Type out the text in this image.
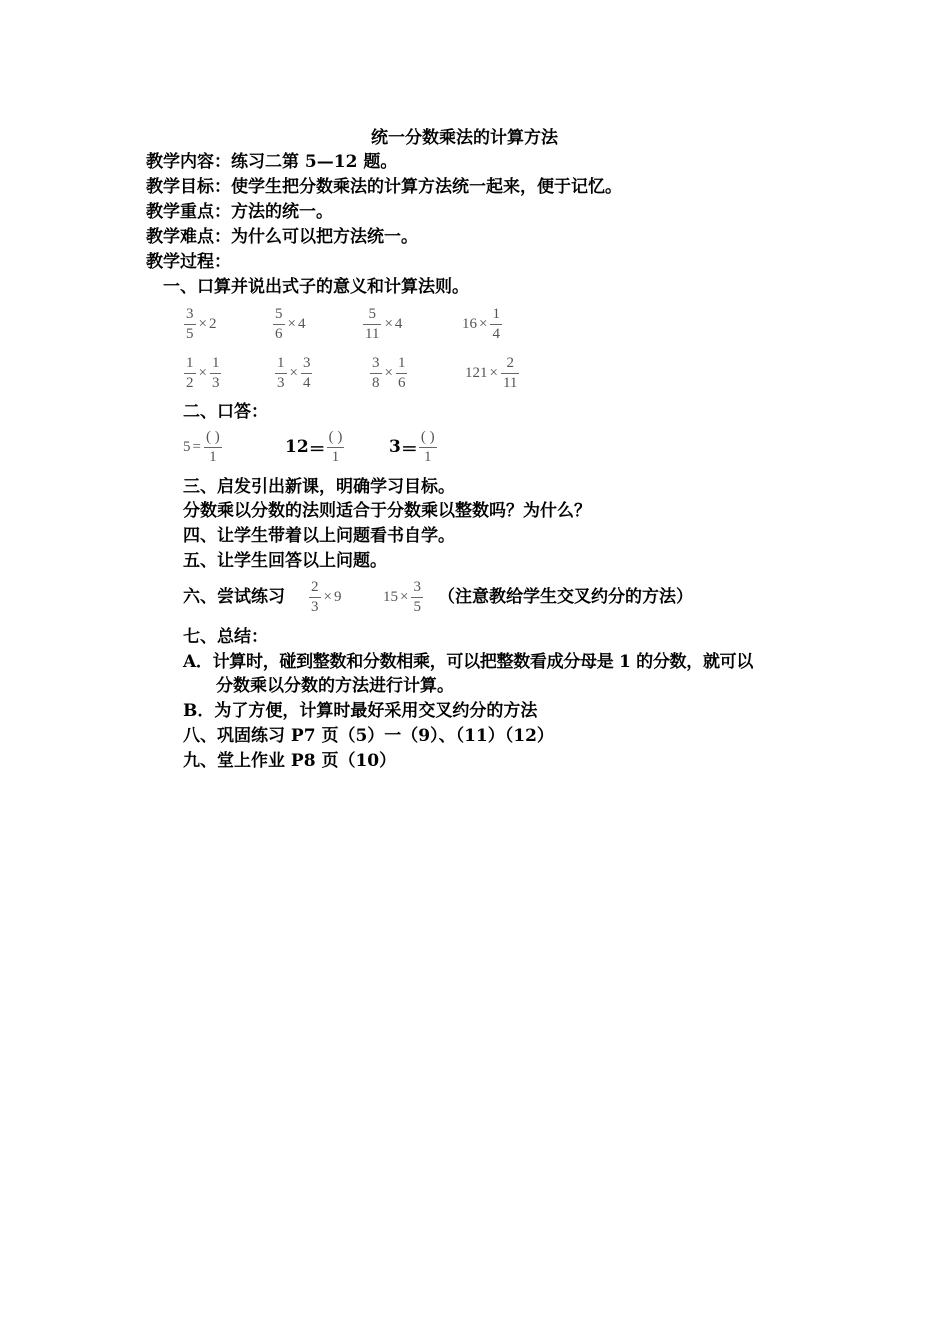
统一分数乘法的计算方法
教学内容：练习二第 5—12 题。
教学目标：使学生把分数乘法的计算方法统一起来，便于记忆。
教学重点：方法的统一。
教学难点：为什么可以把方法统一。
教学过程：
一、口算并说出式子的意义和计算法则。
$\frac{3}{5} \times 2$	$\frac{5}{6} \times 4$	$\frac{5}{11} \times 4$	$16 \times \frac{1}{4}$
$\frac{1}{2} \times \frac{1}{3}$	$\frac{1}{3} \times \frac{3}{4}$	$\frac{3}{8} \times \frac{1}{6}$	$121 \times \frac{2}{11}$
二、口答：
$5 = \frac{( )}{1}$	$12 = \frac{( )}{1}$	$3 = \frac{( )}{1}$
三、启发引出新课，明确学习目标。
分数乘以分数的法则适合于分数乘以整数吗？为什么？
四、让学生带着以上问题看书自学。
五、让学生回答以上问题。
六、尝试练习 $\frac{2}{3} \times 9$	$15 \times \frac{3}{5}$ （注意教给学生交叉约分的方法）
七、总结：
A．计算时，碰到整数和分数相乘，可以把整数看成分母是 1 的分数，就可以
分数乘以分数的方法进行计算。
B．为了方便，计算时最好采用交叉约分的方法
八、巩固练习 P7 页（5）一（9）、（11）（12）
九、堂上作业 P8 页（10）
